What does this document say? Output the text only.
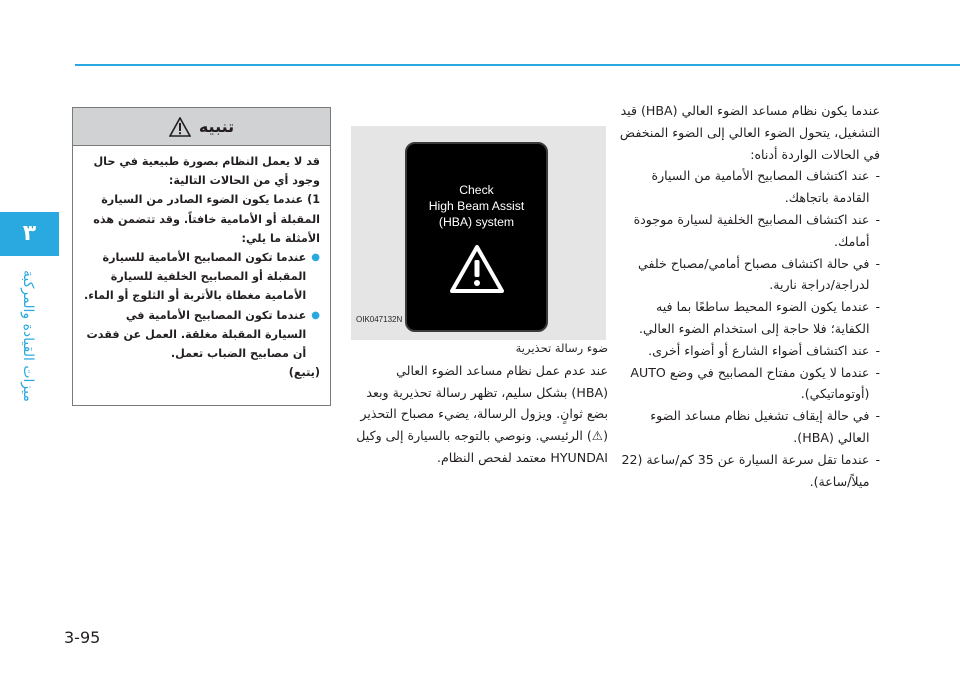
٣
ميزات القيادة والمركبة
3-95
تنبيه

قد لا يعمل النظام بصورة طبيعية في حال وجود أي من الحالات التالية:

1) عندما يكون الضوء الصادر من السيارة المقبلة أو الأمامية خافتاً. وقد تتضمن هذه الأمثلة ما يلي:

●
عندما تكون المصابيح الأمامية للسيارة المقبلة أو المصابيح الخلفية للسيارة الأمامية مغطاة بالأتربة أو الثلوج أو الماء.
●
عندما تكون المصابيح الأمامية في السيارة المقبلة مغلقة. العمل عن فقدت أن مصابيح الضباب تعمل.

(يتبع)

Check
High Beam Assist
(HBA) system
OIK047132N

ضوء رسالة تحذيرية

عند عدم عمل نظام مساعد الضوء العالي (HBA) بشكل سليم، تظهر رسالة تحذيرية وبعد بضع ثوانٍ. ويزول الرسالة، يضيء مصباح التحذير (⚠) الرئيسي. ونوصي بالتوجه بالسيارة إلى وكيل HYUNDAI معتمد لفحص النظام.

عندما يكون نظام مساعد الضوء العالي (HBA) قيد التشغيل، يتحول الضوء العالي إلى الضوء المنخفض في الحالات الواردة أدناه:

-
عند اكتشاف المصابيح الأمامية من السيارة القادمة باتجاهك.
-
عند اكتشاف المصابيح الخلفية لسيارة موجودة أمامك.
-
في حالة اكتشاف مصباح أمامي/مصباح خلفي لدراجة/دراجة نارية.
-
عندما يكون الضوء المحيط ساطعًا بما فيه الكفاية؛ فلا حاجة إلى استخدام الضوء العالي.
-
عند اكتشاف أضواء الشارع أو أضواء أخرى.
-
عندما لا يكون مفتاح المصابيح في وضع AUTO (أوتوماتيكي).
-
في حالة إيقاف تشغيل نظام مساعد الضوء العالي (HBA).
-
عندما تقل سرعة السيارة عن 35 كم/ساعة (22 ميلاً/ساعة).
